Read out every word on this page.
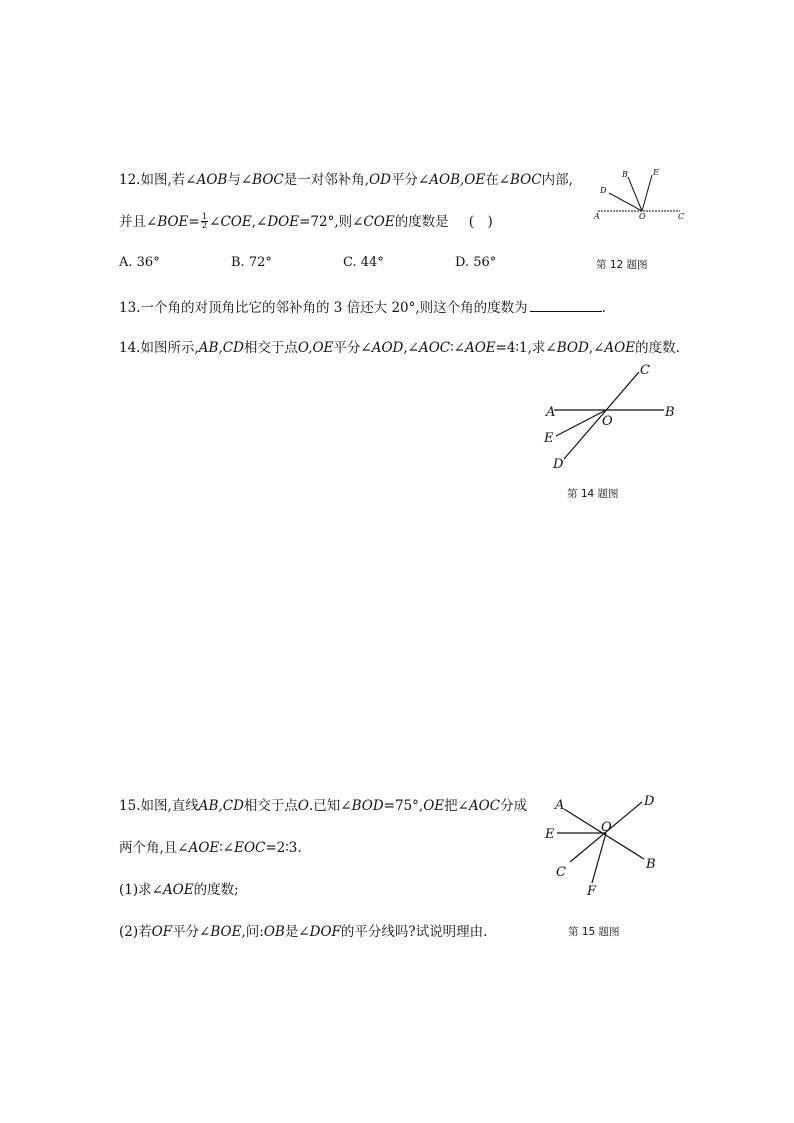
12.如图,若∠AOB与∠BOC是一对邻补角,OD平分∠AOB,OE在∠BOC内部,
并且∠BOE= $\frac{1}{2}$ ∠COE,∠DOE=72°,则∠COE的度数是 (　)
A. 36°	B. 72°	C. 44°	D. 56°
A	O	C
D
B	E
第 12 题图
13.一个角的对顶角比它的邻补角的 3 倍还大 20°,则这个角的度数为	.
14.如图所示,AB,CD相交于点O,OE平分∠AOD,∠AOC∶∠AOE=4∶1,求∠BOD,∠AOE的度数.
A	B
C
O
E
D
第 14 题图
15.如图,直线AB,CD相交于点O.已知∠BOD=75°,OE把∠AOC分成
两个角,且∠AOE∶∠EOC=2∶3.
(1)求∠AOE的度数;
(2)若OF平分∠BOE,问:OB是∠DOF的平分线吗?试说明理由.
A	D
E	O
B
C
F
第 15 题图
